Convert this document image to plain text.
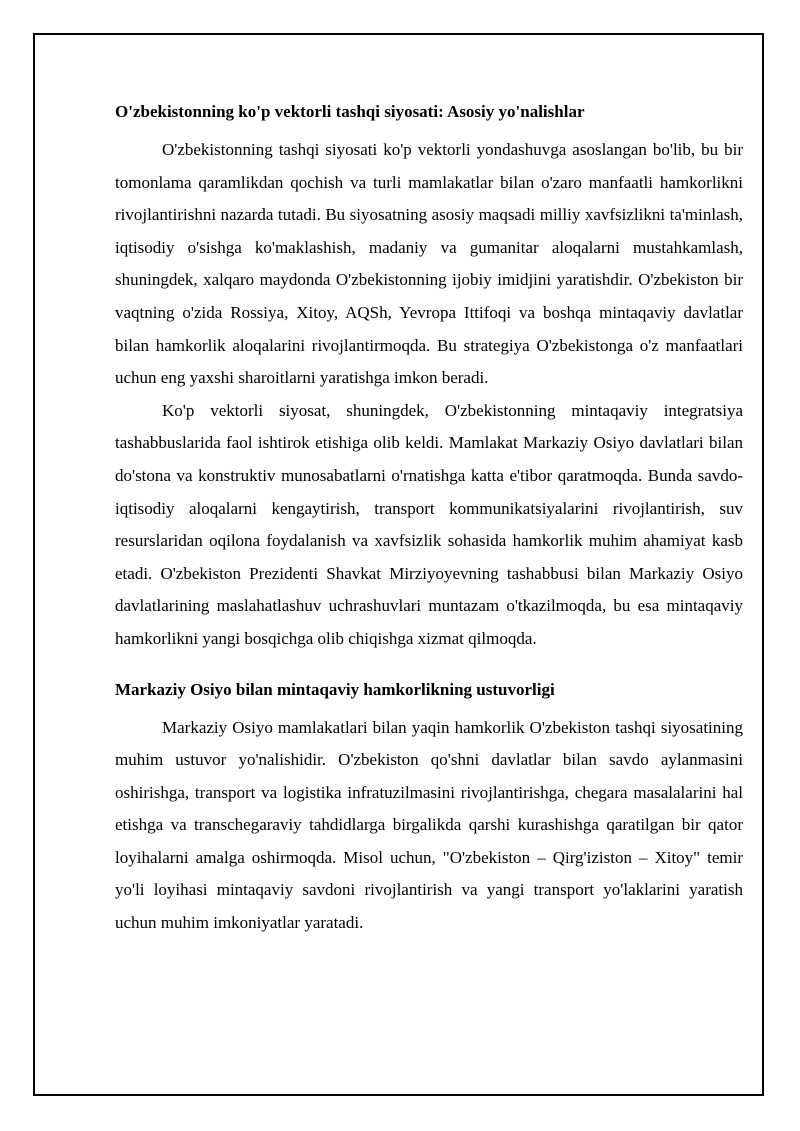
O'zbekistonning ko'p vektorli tashqi siyosati: Asosiy yo'nalishlar

O'zbekistonning tashqi siyosati ko'p vektorli yondashuvga asoslangan bo'lib, bu bir tomonlama qaramlikdan qochish va turli mamlakatlar bilan o'zaro manfaatli hamkorlikni rivojlantirishni nazarda tutadi. Bu siyosatning asosiy maqsadi milliy xavfsizlikni ta'minlash, iqtisodiy o'sishga ko'maklashish, madaniy va gumanitar aloqalarni mustahkamlash, shuningdek, xalqaro maydonda O'zbekistonning ijobiy imidjini yaratishdir. O'zbekiston bir vaqtning o'zida Rossiya, Xitoy, AQSh, Yevropa Ittifoqi va boshqa mintaqaviy davlatlar bilan hamkorlik aloqalarini rivojlantirmoqda. Bu strategiya O'zbekistonga o'z manfaatlari uchun eng yaxshi sharoitlarni yaratishga imkon beradi.

Ko'p vektorli siyosat, shuningdek, O'zbekistonning mintaqaviy integratsiya tashabbuslarida faol ishtirok etishiga olib keldi. Mamlakat Markaziy Osiyo davlatlari bilan do'stona va konstruktiv munosabatlarni o'rnatishga katta e'tibor qaratmoqda. Bunda savdo-iqtisodiy aloqalarni kengaytirish, transport kommunikatsiyalarini rivojlantirish, suv resurslaridan oqilona foydalanish va xavfsizlik sohasida hamkorlik muhim ahamiyat kasb etadi. O'zbekiston Prezidenti Shavkat Mirziyoyevning tashabbusi bilan Markaziy Osiyo davlatlarining maslahatlashuv uchrashuvlari muntazam o'tkazilmoqda, bu esa mintaqaviy hamkorlikni yangi bosqichga olib chiqishga xizmat qilmoqda.

Markaziy Osiyo bilan mintaqaviy hamkorlikning ustuvorligi

Markaziy Osiyo mamlakatlari bilan yaqin hamkorlik O'zbekiston tashqi siyosatining muhim ustuvor yo'nalishidir. O'zbekiston qo'shni davlatlar bilan savdo aylanmasini oshirishga, transport va logistika infratuzilmasini rivojlantirishga, chegara masalalarini hal etishga va transchegaraviy tahdidlarga birgalikda qarshi kurashishga qaratilgan bir qator loyihalarni amalga oshirmoqda. Misol uchun, "O'zbekiston – Qirg'iziston – Xitoy" temir yo'li loyihasi mintaqaviy savdoni rivojlantirish va yangi transport yo'laklarini yaratish uchun muhim imkoniyatlar yaratadi.
